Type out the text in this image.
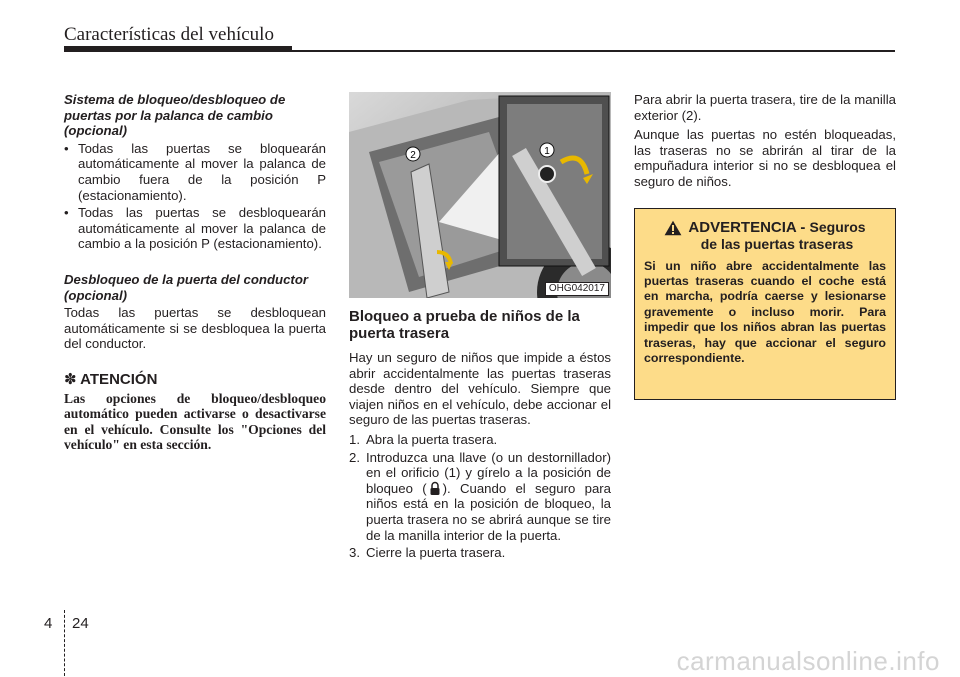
Características del vehículo
Sistema de bloqueo/desbloqueo de puertas por la palanca de cambio (opcional)
• Todas las puertas se bloquearán automáticamente al mover la palanca de cambio fuera de la posición P (estacionamiento).
• Todas las puertas se desbloquearán automáticamente al mover la palanca de cambio a la posición P (estacionamiento).
Desbloqueo de la puerta del conductor (opcional)

Todas las puertas se desbloquean automáticamente si se desbloquea la puerta del conductor.

✽ ATENCIÓN
Las opciones de bloqueo/desbloqueo automático pueden activarse o desactivarse en el vehículo. Consulte los "Opciones del vehículo" en esta sección.
1
2
OHG042017
Bloqueo a prueba de niños de la puerta trasera

Hay un seguro de niños que impide a éstos abrir accidentalmente las puertas traseras desde dentro del vehículo. Siempre que viajen niños en el vehículo, debe accionar el seguro de las puertas traseras.

1. Abra la puerta trasera.
2. Introduzca una llave (o un destornillador) en el orificio (1) y gírelo a la posición de bloqueo ( ). Cuando el seguro para niños está en la posición de bloqueo, la puerta trasera no se abrirá aunque se tire de la manilla interior de la puerta.
3. Cierre la puerta trasera.

Para abrir la puerta trasera, tire de la manilla exterior (2).

Aunque las puertas no estén bloqueadas, las traseras no se abrirán al tirar de la empuñadura interior si no se desbloquea el seguro de niños.

ADVERTENCIA - Seguros
de las puertas traseras
Si un niño abre accidentalmente las puertas traseras cuando el coche está en marcha, podría caerse y lesionarse gravemente o incluso morir. Para impedir que los niños abran las puertas traseras, hay que accionar el seguro correspondiente.
4 24
carmanualsonline.info
